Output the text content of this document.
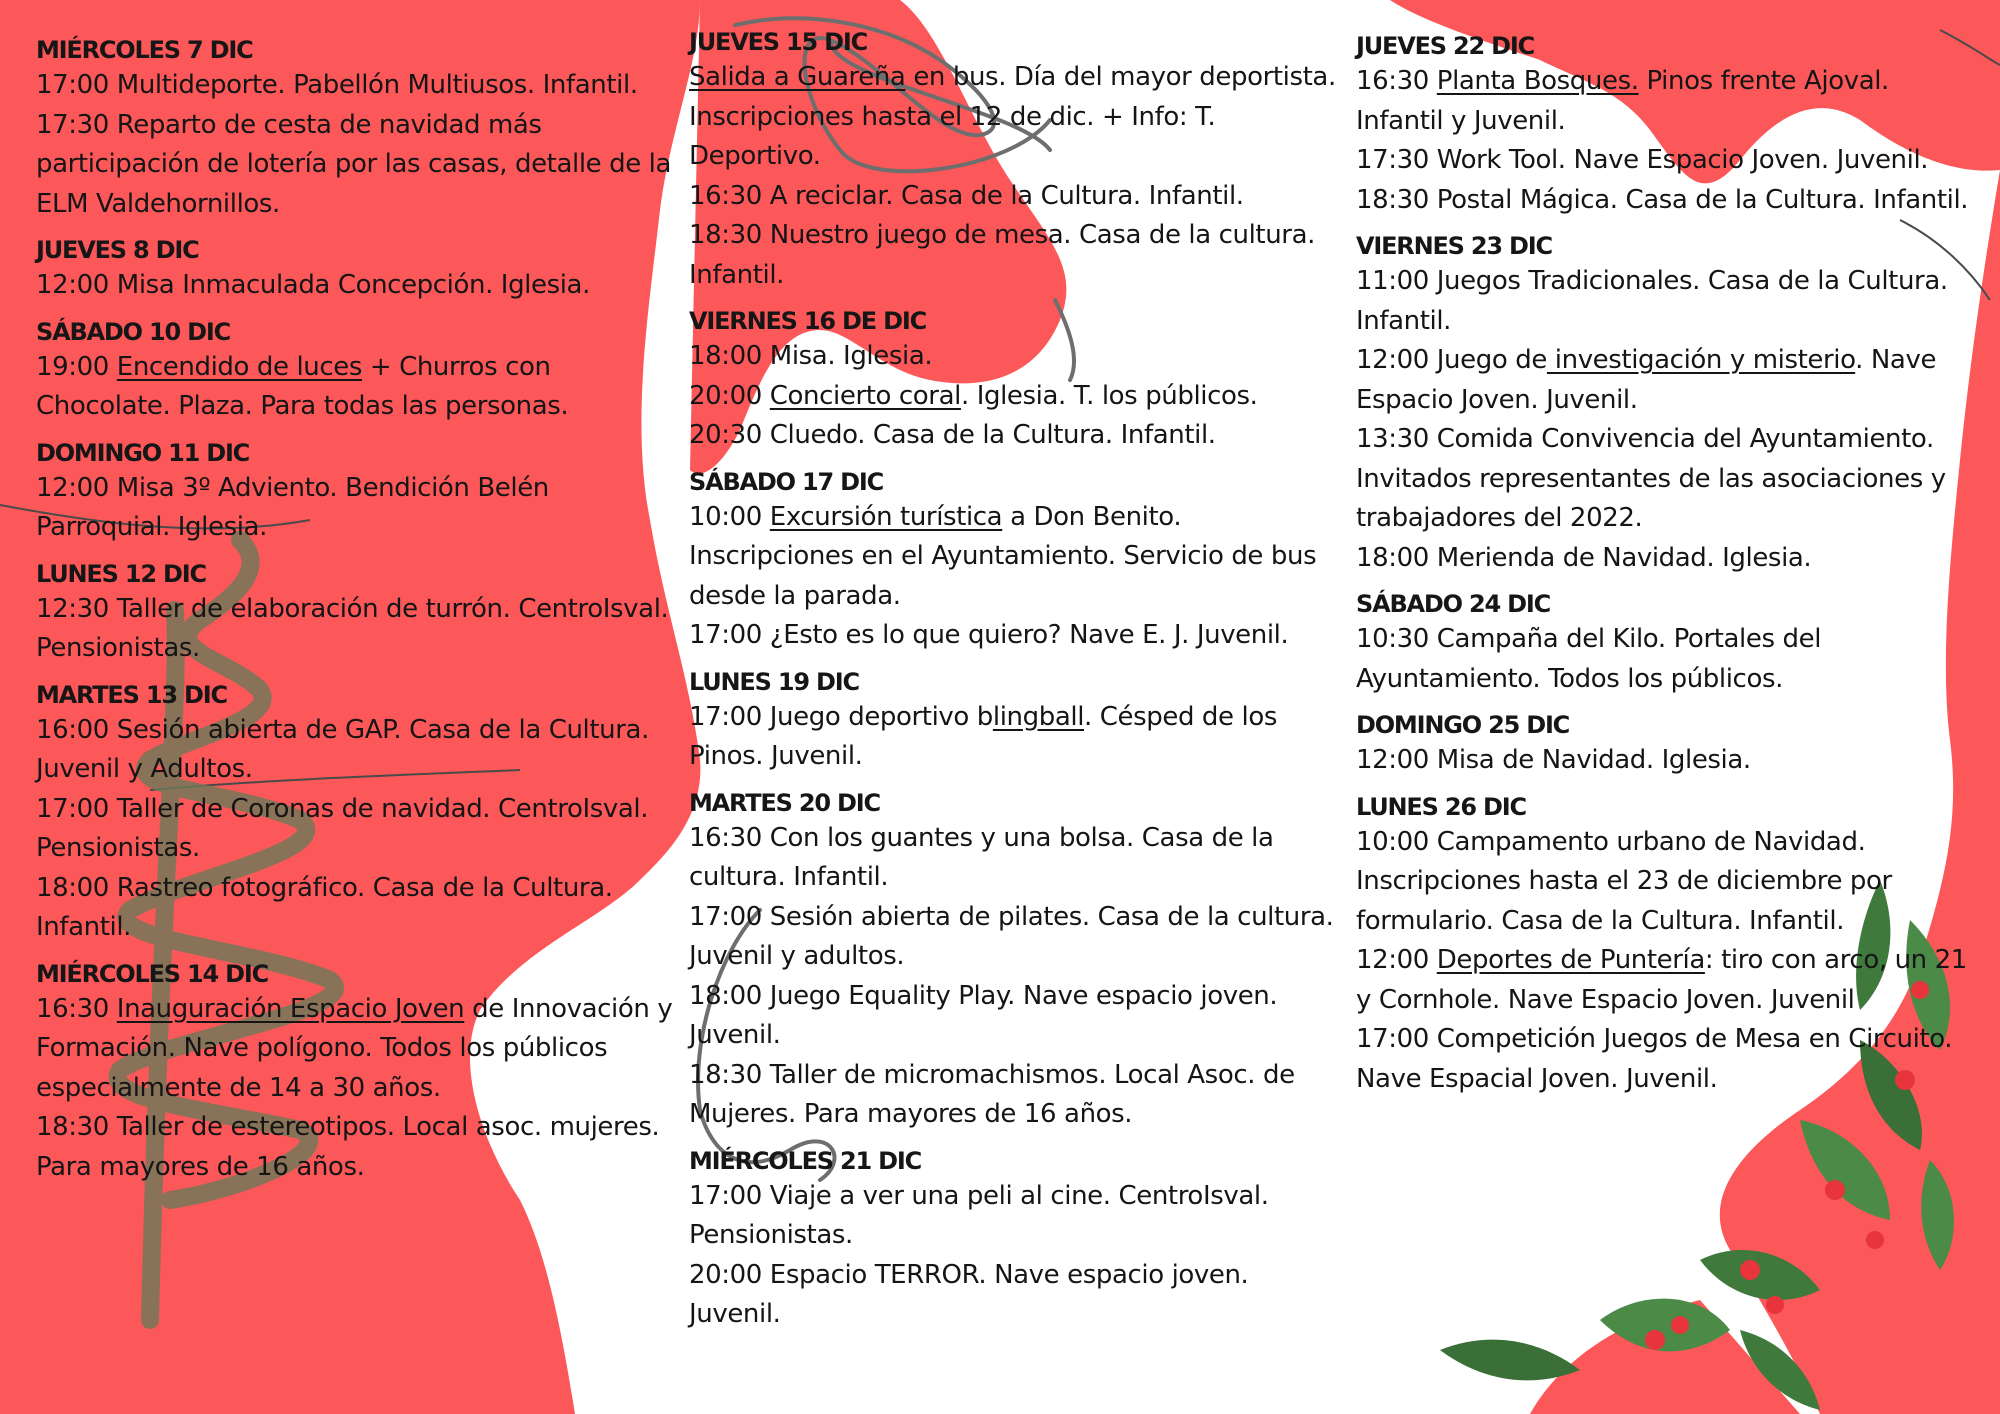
MIÉRCOLES 7 DIC
17:00 Multideporte. Pabellón Multiusos. Infantil.
17:30 Reparto de cesta de navidad más participación de lotería por las casas, detalle de la ELM Valdehornillos.
JUEVES 8 DIC
12:00 Misa Inmaculada Concepción. Iglesia.
SÁBADO 10 DIC
19:00 Encendido de luces + Churros con Chocolate. Plaza. Para todas las personas.
DOMINGO 11 DIC
12:00 Misa 3º Adviento. Bendición Belén Parroquial. Iglesia.
LUNES 12 DIC
12:30 Taller de elaboración de turrón. CentroIsval. Pensionistas.
MARTES 13 DIC
16:00 Sesión abierta de GAP. Casa de la Cultura. Juvenil y Adultos.
17:00 Taller de Coronas de navidad. CentroIsval. Pensionistas.
18:00 Rastreo fotográfico. Casa de la Cultura. Infantil.
MIÉRCOLES 14 DIC
16:30 Inauguración Espacio Joven de Innovación y Formación. Nave polígono. Todos los públicos especialmente de 14 a 30 años.
18:30 Taller de estereotipos. Local asoc. mujeres. Para mayores de 16 años.
JUEVES 15 DIC
Salida a Guareña en bus. Día del mayor deportista. Inscripciones hasta el 12 de dic. + Info: T. Deportivo.
16:30 A reciclar. Casa de la Cultura. Infantil.
18:30 Nuestro juego de mesa. Casa de la cultura. Infantil.
VIERNES 16 DE DIC
18:00 Misa. Iglesia.
20:00 Concierto coral. Iglesia. T. los públicos.
20:30 Cluedo. Casa de la Cultura. Infantil.
SÁBADO 17 DIC
10:00 Excursión turística a Don Benito. Inscripciones en el Ayuntamiento. Servicio de bus desde la parada.
17:00 ¿Esto es lo que quiero? Nave E. J. Juvenil.
LUNES 19 DIC
17:00 Juego deportivo blingball. Césped de los Pinos. Juvenil.
MARTES 20 DIC
16:30 Con los guantes y una bolsa. Casa de la cultura. Infantil.
17:00 Sesión abierta de pilates. Casa de la cultura. Juvenil y adultos.
18:00 Juego Equality Play. Nave espacio joven. Juvenil.
18:30 Taller de micromachismos. Local Asoc. de Mujeres. Para mayores de 16 años.
MIÉRCOLES 21 DIC
17:00 Viaje a ver una peli al cine. CentroIsval. Pensionistas.
20:00 Espacio TERROR. Nave espacio joven. Juvenil.
JUEVES 22 DIC
16:30 Planta Bosques. Pinos frente Ajoval. Infantil y Juvenil.
17:30 Work Tool. Nave Espacio Joven. Juvenil.
18:30 Postal Mágica. Casa de la Cultura. Infantil.
VIERNES 23 DIC
11:00 Juegos Tradicionales. Casa de la Cultura. Infantil.
12:00 Juego de investigación y misterio. Nave Espacio Joven. Juvenil.
13:30 Comida Convivencia del Ayuntamiento. Invitados representantes de las asociaciones y trabajadores del 2022.
18:00 Merienda de Navidad. Iglesia.
SÁBADO 24 DIC
10:30 Campaña del Kilo. Portales del Ayuntamiento. Todos los públicos.
DOMINGO 25 DIC
12:00 Misa de Navidad. Iglesia.
LUNES 26 DIC
10:00 Campamento urbano de Navidad. Inscripciones hasta el 23 de diciembre por formulario. Casa de la Cultura. Infantil.
12:00 Deportes de Puntería: tiro con arco, un 21 y Cornhole. Nave Espacio Joven. Juvenil
17:00 Competición Juegos de Mesa en Circuito. Nave Espacial Joven. Juvenil.
